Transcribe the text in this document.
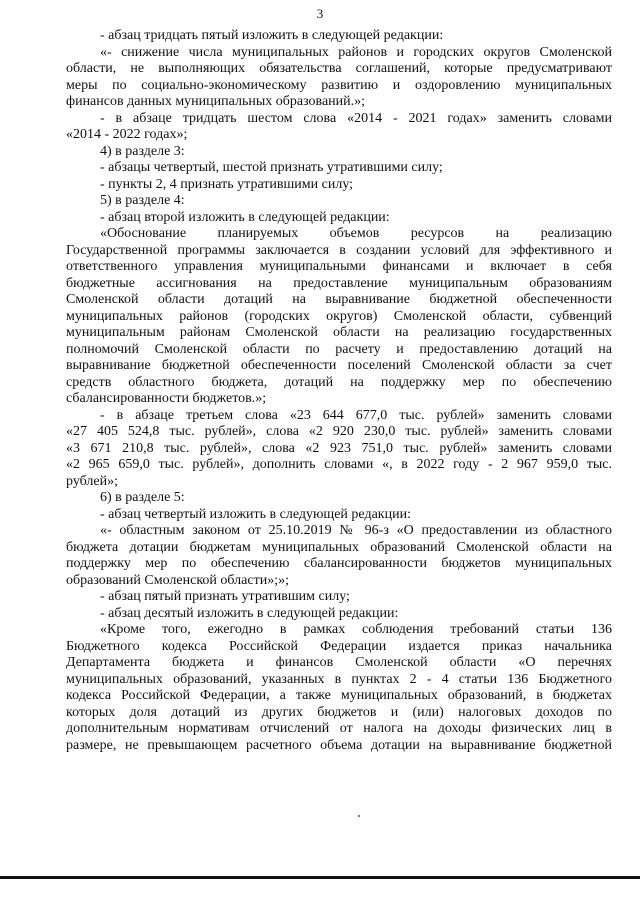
3

- абзац тридцать пятый изложить в следующей редакции:

«- снижение числа муниципальных районов и городских округов Смоленской

области, не выполняющих обязательства соглашений, которые предусматривают

меры по социально-экономическому развитию и оздоровлению муниципальных

финансов данных муниципальных образований.»;

- в абзаце тридцать шестом слова «2014 - 2021 годах» заменить словами

«2014 - 2022 годах»;

4) в разделе 3:

- абзацы четвертый, шестой признать утратившими силу;

- пункты 2, 4 признать утратившими силу;

5) в разделе 4:

- абзац второй изложить в следующей редакции:

«Обоснование планируемых объемов ресурсов на реализацию

Государственной программы заключается в создании условий для эффективного и

ответственного управления муниципальными финансами и включает в себя

бюджетные ассигнования на предоставление муниципальным образованиям

Смоленской области дотаций на выравнивание бюджетной обеспеченности

муниципальных районов (городских округов) Смоленской области, субвенций

муниципальным районам Смоленской области на реализацию государственных

полномочий Смоленской области по расчету и предоставлению дотаций на

выравнивание бюджетной обеспеченности поселений Смоленской области за счет

средств областного бюджета, дотаций на поддержку мер по обеспечению

сбалансированности бюджетов.»;

- в абзаце третьем слова «23 644 677,0 тыс. рублей» заменить словами

«27 405 524,8 тыс. рублей», слова «2 920 230,0 тыс. рублей» заменить словами

«3 671 210,8 тыс. рублей», слова «2 923 751,0 тыс. рублей» заменить словами

«2 965 659,0 тыс. рублей», дополнить словами «, в 2022 году - 2 967 959,0 тыс.

рублей»;

6) в разделе 5:

- абзац четвертый изложить в следующей редакции:

«- областным законом от 25.10.2019 № 96-з «О предоставлении из областного

бюджета дотации бюджетам муниципальных образований Смоленской области на

поддержку мер по обеспечению сбалансированности бюджетов муниципальных

образований Смоленской области»;»;

- абзац пятый признать утратившим силу;

- абзац десятый изложить в следующей редакции:

«Кроме того, ежегодно в рамках соблюдения требований статьи 136

Бюджетного кодекса Российской Федерации издается приказ начальника

Департамента бюджета и финансов Смоленской области «О перечнях

муниципальных образований, указанных в пунктах 2 - 4 статьи 136 Бюджетного

кодекса Российской Федерации, а также муниципальных образований, в бюджетах

которых доля дотаций из других бюджетов и (или) налоговых доходов по

дополнительным нормативам отчислений от налога на доходы физических лиц в

размере, не превышающем расчетного объема дотации на выравнивание бюджетной
